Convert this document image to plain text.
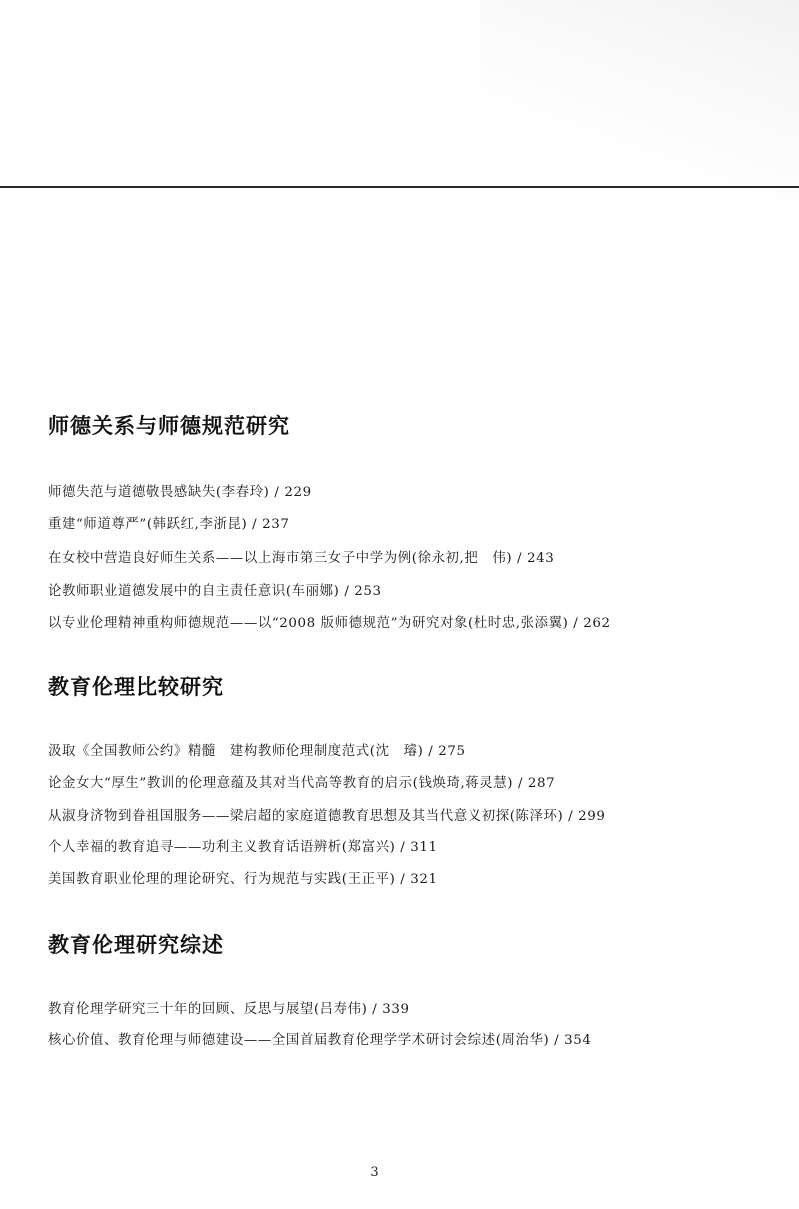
师德关系与师德规范研究
师德失范与道德敬畏感缺失(李春玲) / 229
重建“师道尊严”(韩跃红,李浙昆) / 237
在女校中营造良好师生关系——以上海市第三女子中学为例(徐永初,把　伟) / 243
论教师职业道德发展中的自主责任意识(车丽娜) / 253
以专业伦理精神重构师德规范——以“2008 版师德规范”为研究对象(杜时忠,张添翼) / 262
教育伦理比较研究
汲取《全国教师公约》精髓　建构教师伦理制度范式(沈　璿) / 275
论金女大“厚生”教训的伦理意蕴及其对当代高等教育的启示(钱焕琦,蒋灵慧) / 287
从淑身济物到眷祖国服务——梁启超的家庭道德教育思想及其当代意义初探(陈泽环) / 299
个人幸福的教育追寻——功利主义教育话语辨析(郑富兴) / 311
美国教育职业伦理的理论研究、行为规范与实践(王正平) / 321
教育伦理研究综述
教育伦理学研究三十年的回顾、反思与展望(吕寿伟) / 339
核心价值、教育伦理与师德建设——全国首届教育伦理学学术研讨会综述(周治华) / 354
3
